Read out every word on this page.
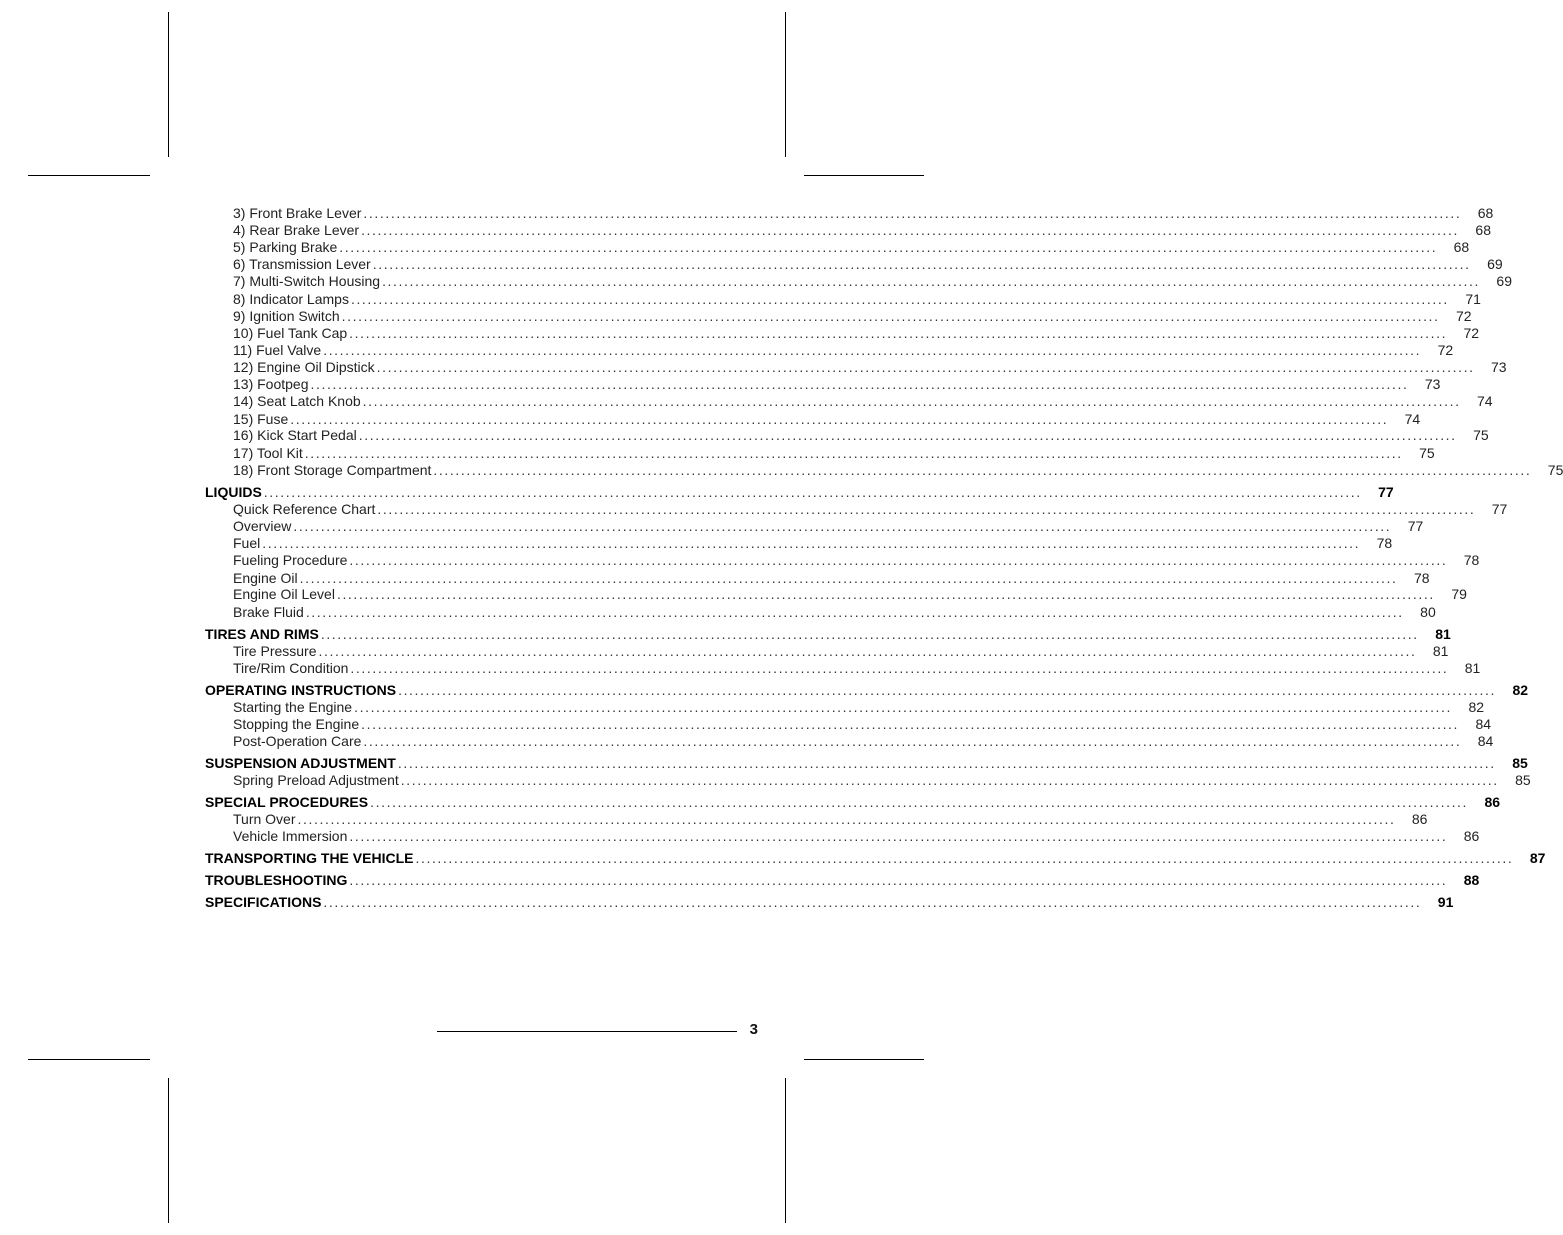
3) Front Brake Lever ........................................................................................................................................................................................................	68
4) Rear Brake Lever ........................................................................................................................................................................................................	68
5) Parking Brake ........................................................................................................................................................................................................	68
6) Transmission Lever ........................................................................................................................................................................................................	69
7) Multi-Switch Housing ........................................................................................................................................................................................................	69
8) Indicator Lamps ........................................................................................................................................................................................................	71
9) Ignition Switch ........................................................................................................................................................................................................	72
10) Fuel Tank Cap ........................................................................................................................................................................................................	72
11) Fuel Valve ........................................................................................................................................................................................................	72
12) Engine Oil Dipstick ........................................................................................................................................................................................................	73
13) Footpeg ........................................................................................................................................................................................................	73
14) Seat Latch Knob ........................................................................................................................................................................................................	74
15) Fuse ........................................................................................................................................................................................................	74
16) Kick Start Pedal ........................................................................................................................................................................................................	75
17) Tool Kit ........................................................................................................................................................................................................	75
18) Front Storage Compartment ........................................................................................................................................................................................................	75
LIQUIDS ........................................................................................................................................................................................................	77
Quick Reference Chart ........................................................................................................................................................................................................	77
Overview ........................................................................................................................................................................................................	77
Fuel ........................................................................................................................................................................................................	78
Fueling Procedure ........................................................................................................................................................................................................	78
Engine Oil ........................................................................................................................................................................................................	78
Engine Oil Level ........................................................................................................................................................................................................	79
Brake Fluid ........................................................................................................................................................................................................	80
TIRES AND RIMS ........................................................................................................................................................................................................	81
Tire Pressure ........................................................................................................................................................................................................	81
Tire/Rim Condition ........................................................................................................................................................................................................	81
OPERATING INSTRUCTIONS ........................................................................................................................................................................................................	82
Starting the Engine ........................................................................................................................................................................................................	82
Stopping the Engine ........................................................................................................................................................................................................	84
Post-Operation Care ........................................................................................................................................................................................................	84
SUSPENSION ADJUSTMENT ........................................................................................................................................................................................................	85
Spring Preload Adjustment ........................................................................................................................................................................................................	85
SPECIAL PROCEDURES ........................................................................................................................................................................................................	86
Turn Over ........................................................................................................................................................................................................	86
Vehicle Immersion ........................................................................................................................................................................................................	86
TRANSPORTING THE VEHICLE ........................................................................................................................................................................................................	87
TROUBLESHOOTING ........................................................................................................................................................................................................	88
SPECIFICATIONS ........................................................................................................................................................................................................	91
3
